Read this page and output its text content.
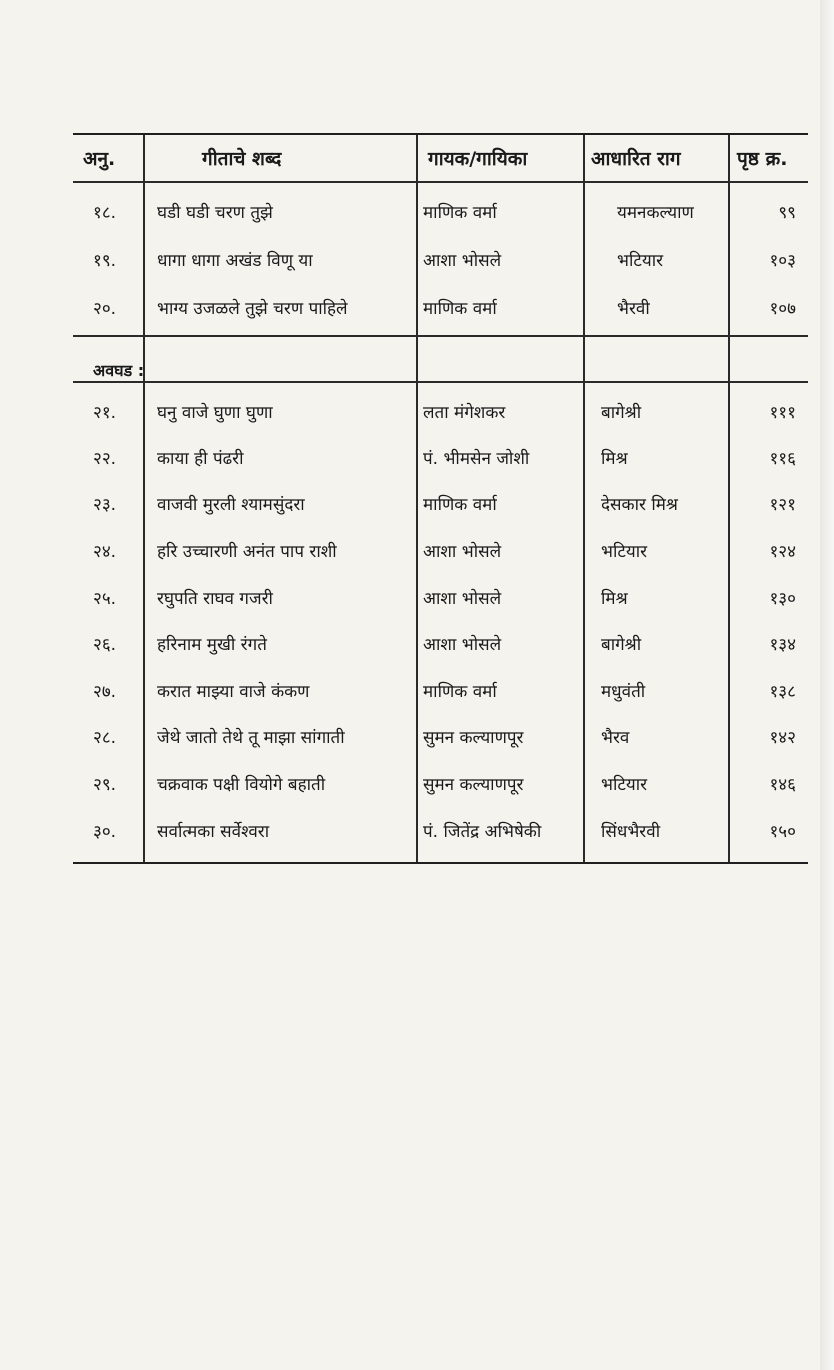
अनु.	गीताचे शब्द	गायक/गायिका	आधारित राग	पृष्ठ क्र.
१८. घडी घडी चरण तुझे	माणिक वर्मा	यमनकल्याण	९९
१९. धागा धागा अखंड विणू या	आशा भोसले	भटियार	१०३
२०. भाग्य उजळले तुझे चरण पाहिले	माणिक वर्मा	भैरवी	१०७
अवघड :
२१. घनु वाजे घुणा घुणा	लता मंगेशकर	बागेश्री	१११
२२. काया ही पंढरी	पं. भीमसेन जोशी	मिश्र	११६
२३. वाजवी मुरली श्यामसुंदरा	माणिक वर्मा	देसकार मिश्र	१२१
२४. हरि उच्चारणी अनंत पाप राशी	आशा भोसले	भटियार	१२४
२५. रघुपति राघव गजरी	आशा भोसले	मिश्र	१३०
२६. हरिनाम मुखी रंगते	आशा भोसले	बागेश्री	१३४
२७. करात माझ्या वाजे कंकण	माणिक वर्मा	मधुवंती	१३८
२८. जेथे जातो तेथे तू माझा सांगाती	सुमन कल्याणपूर	भैरव	१४२
२९. चक्रवाक पक्षी वियोगे बहाती	सुमन कल्याणपूर	भटियार	१४६
३०. सर्वात्मका सर्वेश्वरा	पं. जितेंद्र अभिषेकी	सिंधभैरवी	१५०
